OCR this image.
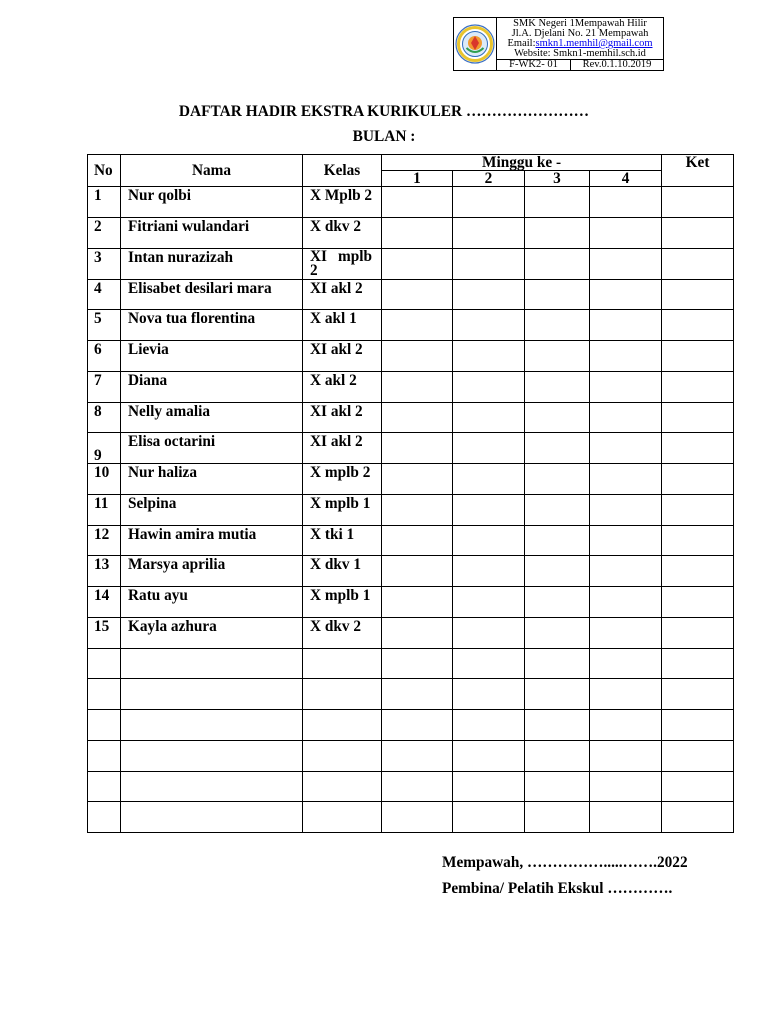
SMK Negeri 1Mempawah Hilir
Jl.A. Djelani No. 21 Mempawah
Email:smkn1.memhil@gmail.com
Website: Smkn1-memhil.sch.id
F-WK2- 01	Rev.0.1.10.2019
DAFTAR HADIR EKSTRA KURIKULER ……………………
BULAN :
No	Nama	Kelas	Minggu ke -				Ket
			1	2	3	4	
1	Nur qolbi	X Mplb 2					
2	Fitriani wulandari	X dkv 2					
3	Intan nurazizah	XI mplb 2					
4	Elisabet desilari mara	XI akl 2					
5	Nova tua florentina	X akl 1					
6	Lievia	XI akl 2					
7	Diana	X akl 2					
8	Nelly amalia	XI akl 2					
9	Elisa octarini	XI akl 2					
10	Nur haliza	X mplb 2					
11	Selpina	X mplb 1					
12	Hawin amira mutia	X tki 1					
13	Marsya aprilia	X dkv 1					
14	Ratu ayu	X mplb 1					
15	Kayla azhura	X dkv 2					

Mempawah, …………….....…….2022
Pembina/ Pelatih Ekskul ………….
